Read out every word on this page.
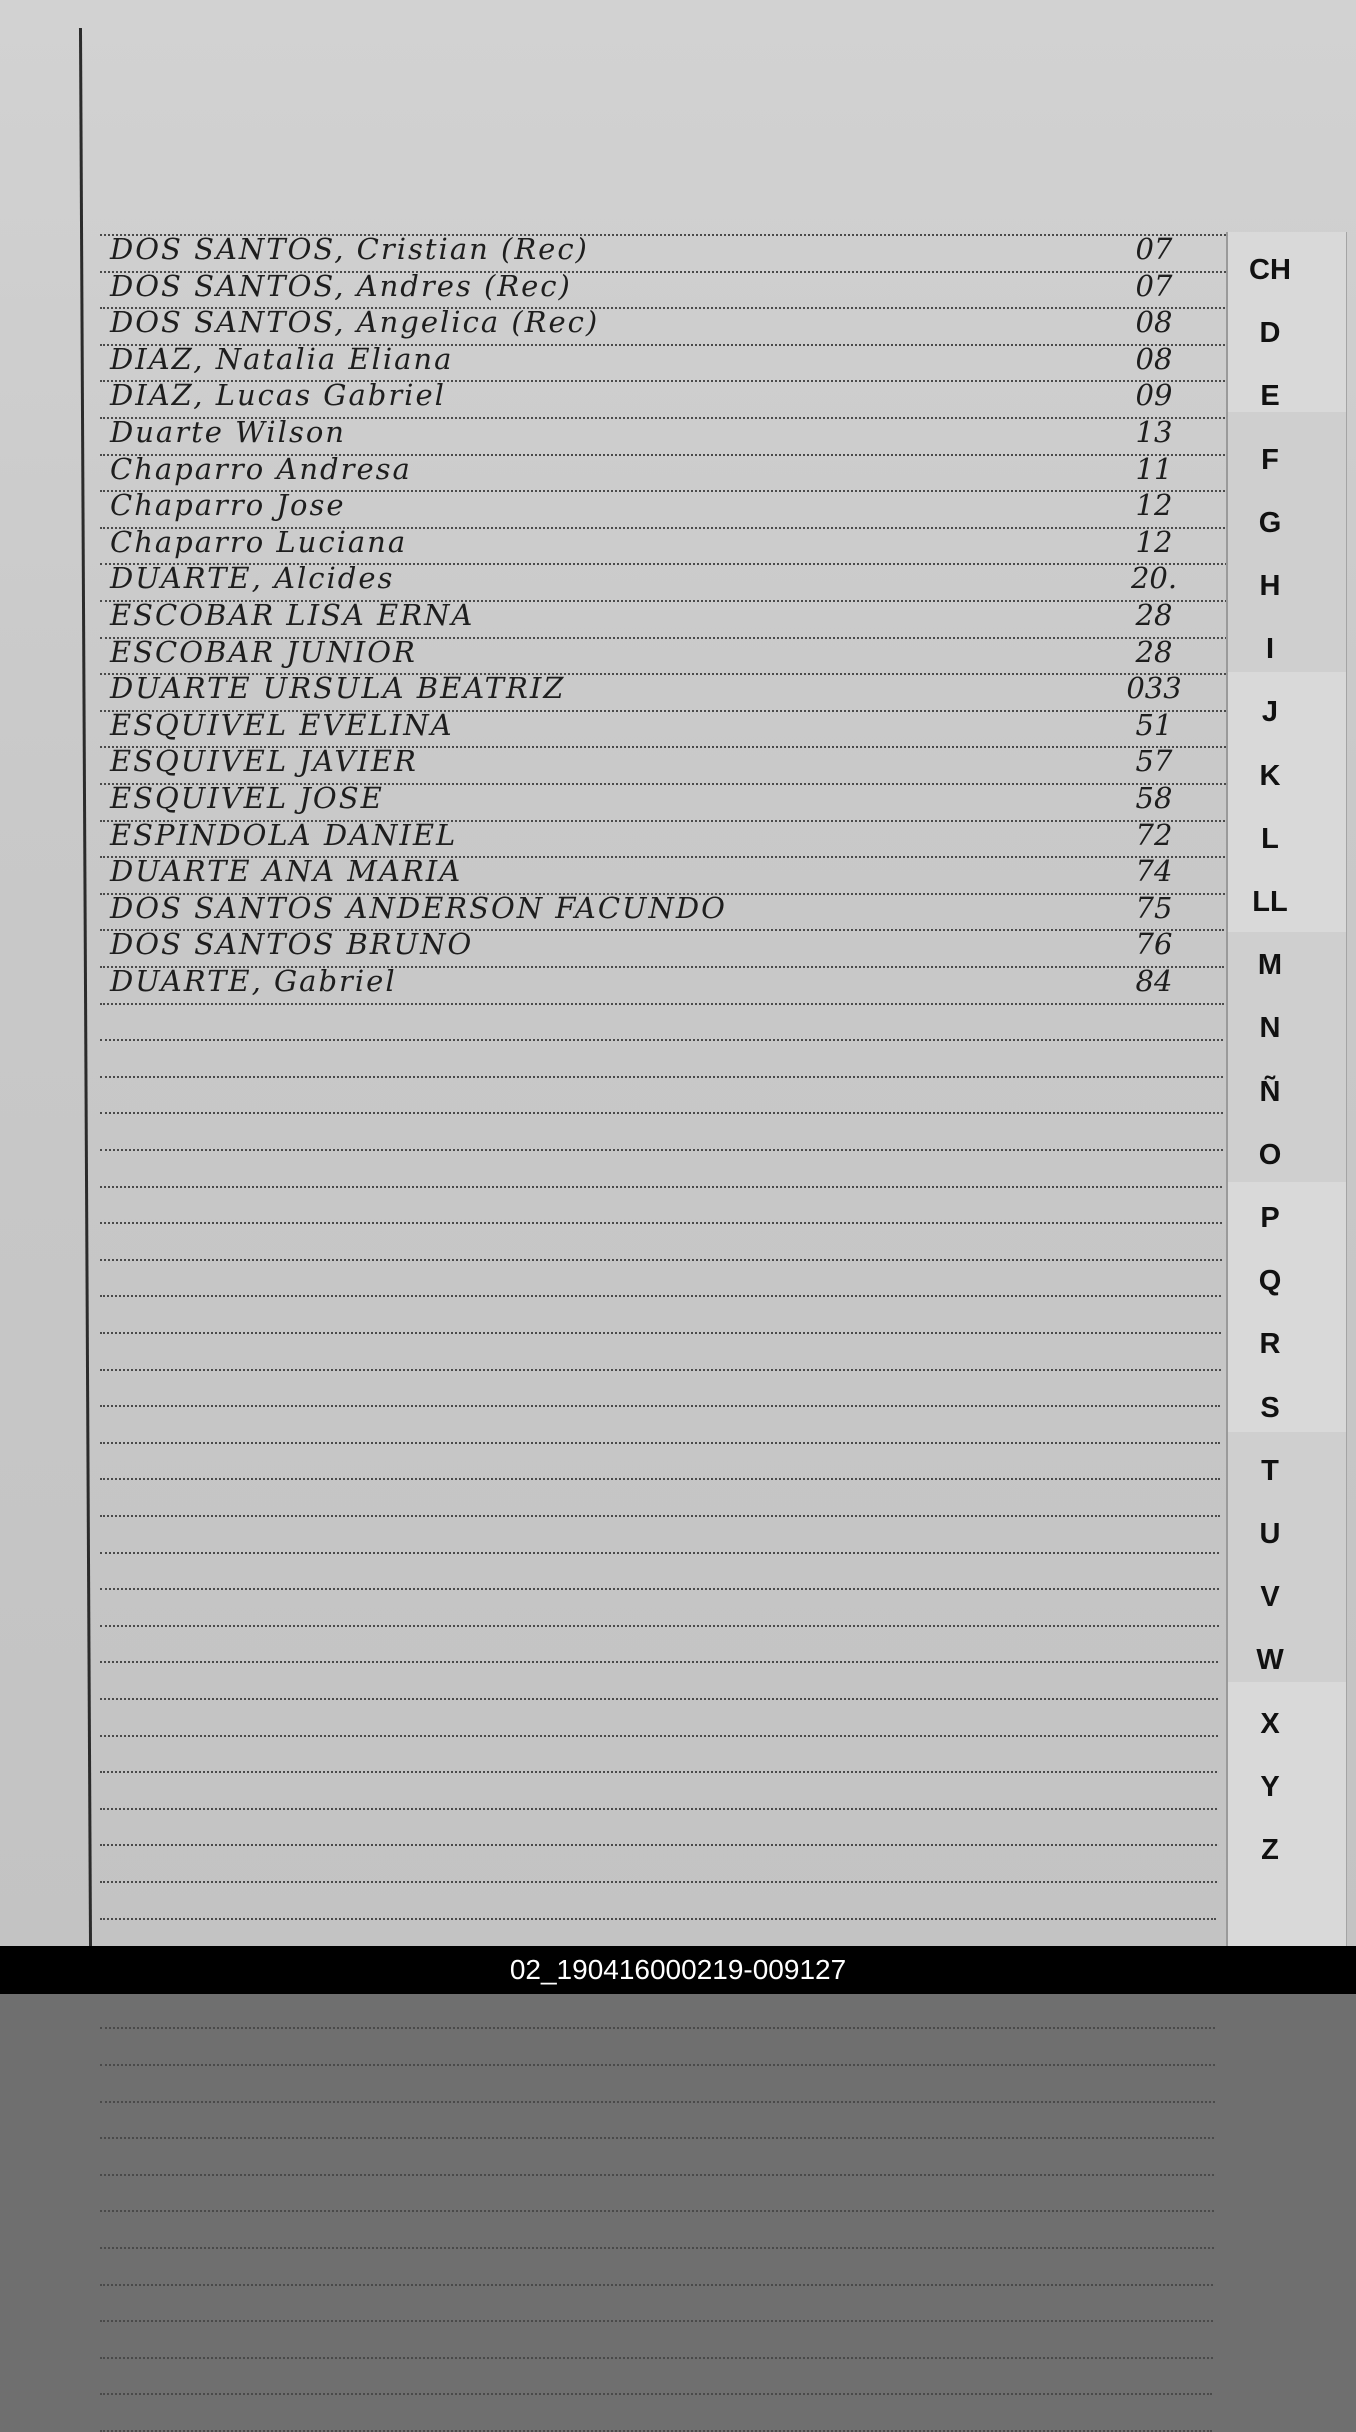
DOS SANTOS, Cristian (Rec)	07
DOS SANTOS, Andres (Rec)	07
DOS SANTOS, Angelica (Rec)	08
DIAZ, Natalia Eliana	08
DIAZ, Lucas Gabriel	09
Duarte Wilson	13
Chaparro Andresa	11
Chaparro Jose	12
Chaparro Luciana	12
DUARTE, Alcides	20.
ESCOBAR LISA ERNA	28
ESCOBAR JUNIOR	28
DUARTE URSULA BEATRIZ	033
ESQUIVEL EVELINA	51
ESQUIVEL JAVIER	57
ESQUIVEL JOSE	58
ESPINDOLA DANIEL	72
DUARTE ANA MARIA	74
DOS SANTOS ANDERSON FACUNDO	75
DOS SANTOS BRUNO	76
DUARTE, Gabriel	84
CH
D
E
F
G
H
I
J
K
L
LL
M
N
Ñ
O
P
Q
R
S
T
U
V
W
X
Y
Z
02_190416000219-009127
